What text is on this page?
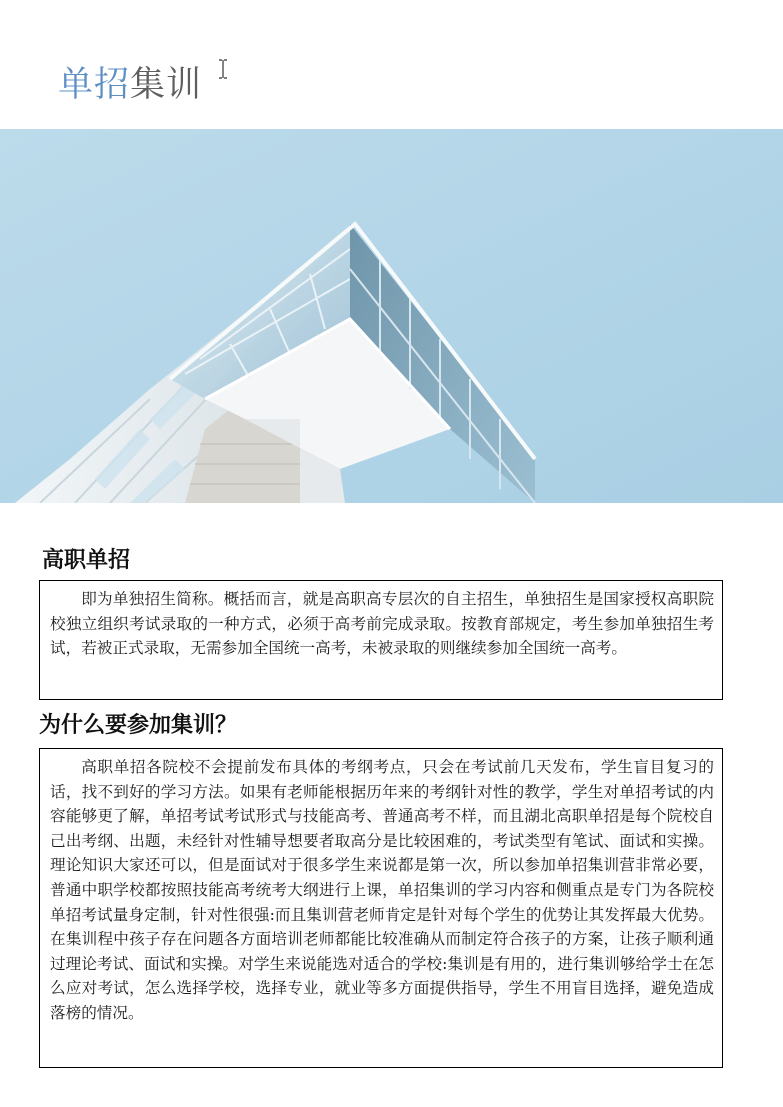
单招集训
高职单招

即为单独招生简称。概括而言，就是高职高专层次的自主招生，单独招生是国家授权高职院校独立组织考试录取的一种方式，必须于高考前完成录取。按教育部规定，考生参加单独招生考试，若被正式录取，无需参加全国统一高考，未被录取的则继续参加全国统一高考。

为什么要参加集训？

高职单招各院校不会提前发布具体的考纲考点，只会在考试前几天发布，学生盲目复习的话，找不到好的学习方法。如果有老师能根据历年来的考纲针对性的教学，学生对单招考试的内容能够更了解，单招考试考试形式与技能高考、普通高考不样，而且湖北高职单招是每个院校自己出考纲、出题，未经针对性辅导想要者取高分是比较困难的，考试类型有笔试、面试和实操。理论知识大家还可以，但是面试对于很多学生来说都是第一次，所以参加单招集训营非常必要，普通中职学校都按照技能高考统考大纲进行上课，单招集训的学习内容和侧重点是专门为各院校单招考试量身定制，针对性很强:而且集训营老师肯定是针对每个学生的优势让其发挥最大优势。在集训程中孩子存在问题各方面培训老师都能比较准确从而制定符合孩子的方案，让孩子顺利通过理论考试、面试和实操。对学生来说能选对适合的学校:集训是有用的，进行集训够给学士在怎么应对考试，怎么选择学校，选择专业，就业等多方面提供指导，学生不用盲目选择，避免造成落榜的情况。
